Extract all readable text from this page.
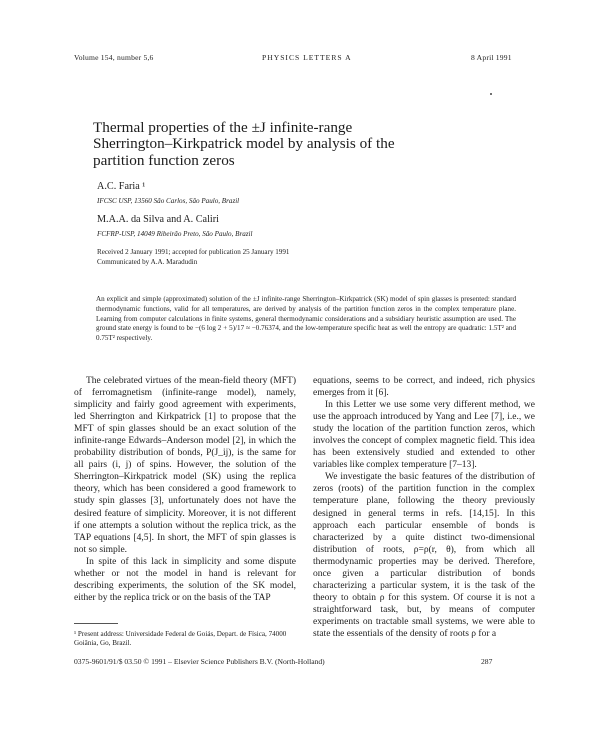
Volume 154, number 5,6	PHYSICS LETTERS A	8 April 1991
Thermal properties of the ±J infinite-range Sherrington–Kirkpatrick model by analysis of the partition function zeros
A.C. Faria ¹
IFCSC USP, 13560 São Carlos, São Paulo, Brazil
M.A.A. da Silva and A. Caliri
FCFRP-USP, 14049 Ribeirão Preto, São Paulo, Brazil
Received 2 January 1991; accepted for publication 25 January 1991
Communicated by A.A. Maradudin
An explicit and simple (approximated) solution of the ±J infinite-range Sherrington–Kirkpatrick (SK) model of spin glasses is presented: standard thermodynamic functions, valid for all temperatures, are derived by analysis of the partition function zeros in the complex temperature plane. Learning from computer calculations in finite systems, general thermodynamic considerations and a subsidiary heuristic assumption are used. The ground state energy is found to be −(6 log 2 + 5)/17 ≈ −0.76374, and the low-temperature specific heat as well the entropy are quadratic: 1.5T² and 0.75T² respectively.

The celebrated virtues of the mean-field theory (MFT) of ferromagnetism (infinite-range model), namely, simplicity and fairly good agreement with experiments, led Sherrington and Kirkpatrick [1] to propose that the MFT of spin glasses should be an exact solution of the infinite-range Edwards–Anderson model [2], in which the probability distribution of bonds, P(J_ij), is the same for all pairs (i, j) of spins. However, the solution of the Sherrington–Kirkpatrick model (SK) using the replica theory, which has been considered a good framework to study spin glasses [3], unfortunately does not have the desired feature of simplicity. Moreover, it is not different if one attempts a solution without the replica trick, as the TAP equations [4,5]. In short, the MFT of spin glasses is not so simple.

In spite of this lack in simplicity and some dispute whether or not the model in hand is relevant for describing experiments, the solution of the SK model, either by the replica trick or on the basis of the TAP

equations, seems to be correct, and indeed, rich physics emerges from it [6].

In this Letter we use some very different method, we use the approach introduced by Yang and Lee [7], i.e., we study the location of the partition function zeros, which involves the concept of complex magnetic field. This idea has been extensively studied and extended to other variables like complex temperature [7–13].

We investigate the basic features of the distribution of zeros (roots) of the partition function in the complex temperature plane, following the theory previously designed in general terms in refs. [14,15]. In this approach each particular ensemble of bonds is characterized by a quite distinct two-dimensional distribution of roots, ρ=ρ(r, θ), from which all thermodynamic properties may be derived. Therefore, once given a particular distribution of bonds characterizing a particular system, it is the task of the theory to obtain ρ for this system. Of course it is not a straightforward task, but, by means of computer experiments on tractable small systems, we were able to state the essentials of the density of roots ρ for a

¹ Present address: Universidade Federal de Goiás, Depart. de Física, 74000 Goiânia, Go, Brazil.
0375-9601/91/$ 03.50 © 1991 – Elsevier Science Publishers B.V. (North-Holland)	287
